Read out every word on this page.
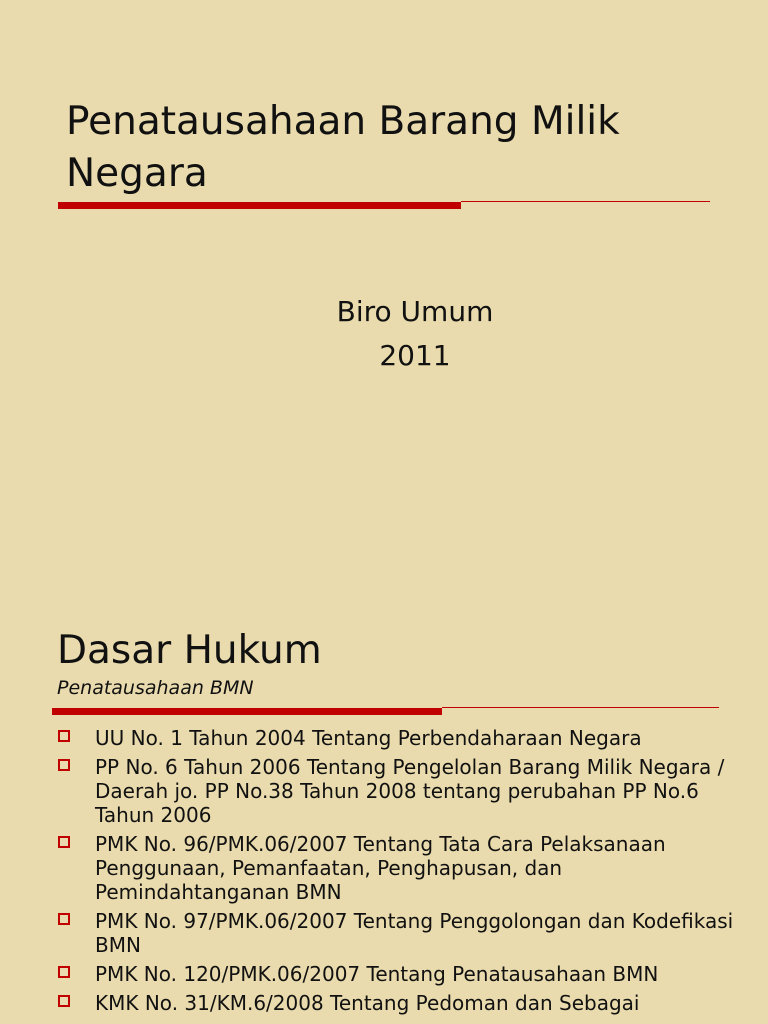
Penatausahaan Barang Milik Negara
Biro Umum
2011
Dasar Hukum
Penatausahaan BMN
UU No. 1 Tahun 2004 Tentang Perbendaharaan Negara
PP No. 6 Tahun 2006 Tentang Pengelolan Barang Milik Negara / Daerah jo. PP No.38 Tahun 2008 tentang perubahan PP No.6 Tahun 2006
PMK No. 96/PMK.06/2007 Tentang Tata Cara Pelaksanaan Penggunaan, Pemanfaatan, Penghapusan, dan Pemindahtanganan BMN
PMK No. 97/PMK.06/2007 Tentang Penggolongan dan Kodefikasi BMN
PMK No. 120/PMK.06/2007 Tentang Penatausahaan BMN
KMK No. 31/KM.6/2008 Tentang Pedoman dan Sebagai
